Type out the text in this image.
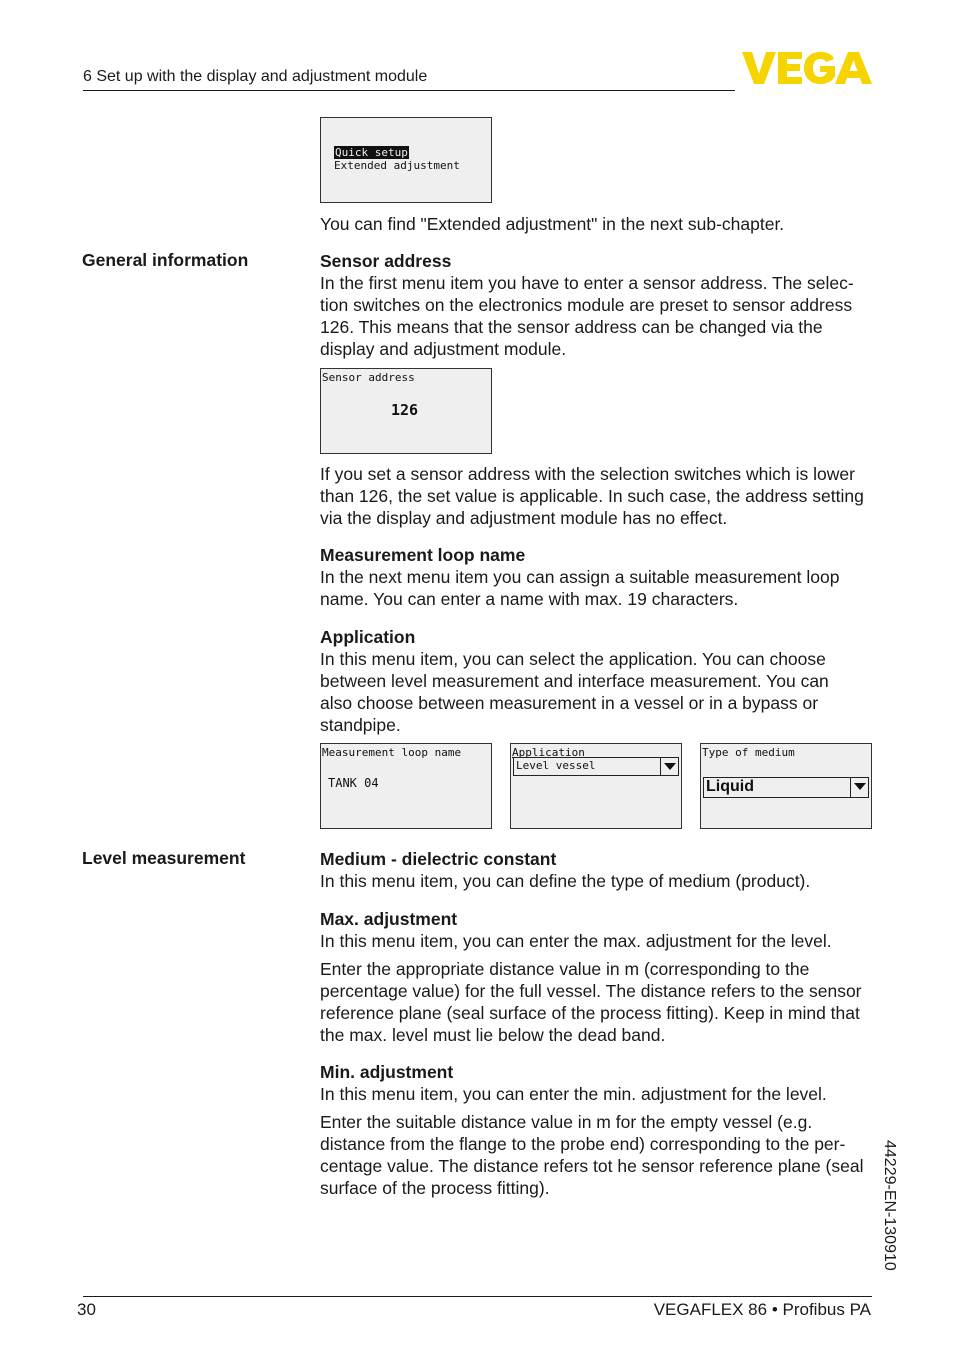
6 Set up with the display and adjustment module
Quick setup
Extended adjustment

You can find "Extended adjustment" in the next sub-chapter.

General information	Sensor address

In the first menu item you have to enter a sensor address. The selec-

tion switches on the electronics module are preset to sensor address

126. This means that the sensor address can be changed via the

display and adjustment module.

Sensor address
126

If you set a sensor address with the selection switches which is lower

than 126, the set value is applicable. In such case, the address setting

via the display and adjustment module has no effect.

Measurement loop name

In the next menu item you can assign a suitable measurement loop

name. You can enter a name with max. 19 characters.

Application

In this menu item, you can select the application. You can choose

between level measurement and interface measurement. You can

also choose between measurement in a vessel or in a bypass or

standpipe.

Measurement loop name
TANK 04
Application
Level vessel
Type of medium
Liquid
Level measurement	Medium - dielectric constant

In this menu item, you can define the type of medium (product).

Max. adjustment

In this menu item, you can enter the max. adjustment for the level.

Enter the appropriate distance value in m (corresponding to the

percentage value) for the full vessel. The distance refers to the sensor

reference plane (seal surface of the process fitting). Keep in mind that

the max. level must lie below the dead band.

Min. adjustment

In this menu item, you can enter the min. adjustment for the level.

Enter the suitable distance value in m for the empty vessel (e.g.

distance from the flange to the probe end) corresponding to the per-

centage value. The distance refers tot he sensor reference plane (seal

surface of the process fitting).	44229-EN-130910
30	VEGAFLEX 86 • Profibus PA
